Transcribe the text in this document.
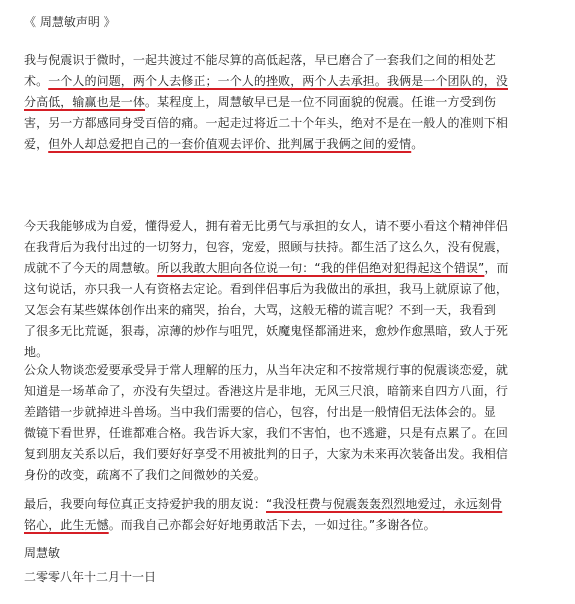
《 周慧敏声明 》
我与倪震识于微时，一起共渡过不能尽算的高低起落，早已磨合了一套我们之间的相处艺
术。一个人的问题，两个人去修正；一个人的挫败，两个人去承担。我俩是一个团队的，没
分高低，输赢也是一体。某程度上，周慧敏早已是一位不同面貌的倪震。任谁一方受到伤
害，另一方都感同身受百倍的痛。一起走过将近二十个年头，绝对不是在一般人的准则下相
爱，但外人却总爱把自己的一套价值观去评价、批判属于我俩之间的爱情。
今天我能够成为自爱，懂得爱人，拥有着无比勇气与承担的女人，请不要小看这个精神伴侣
在我背后为我付出过的一切努力，包容，宠爱，照顾与扶持。都生活了这么久，没有倪震，
成就不了今天的周慧敏。所以我敢大胆向各位说一句：“我的伴侣绝对犯得起这个错误”，而
这句说话，亦只我一人有资格去定论。看到伴侣事后为我做出的承担，我马上就原谅了他，
又怎会有某些媒体创作出来的痛哭，抬台，大骂，这般无稽的谎言呢？不到一天，我看到
了很多无比荒诞，狠毒，凉薄的炒作与咀咒，妖魔鬼怪都涌进来，愈炒作愈黑暗，致人于死
地。
公众人物谈恋爱要承受异于常人理解的压力，从当年决定和不按常规行事的倪震谈恋爱，就
知道是一场革命了，亦没有失望过。香港这片是非地，无风三尺浪，暗箭来自四方八面，行
差踏错一步就掉进斗兽场。当中我们需要的信心，包容，付出是一般情侣无法体会的。显
微镜下看世界，任谁都难合格。我告诉大家，我们不害怕，也不逃避，只是有点累了。在回
复到朋友关系以后，我们要好好享受不用被批判的日子，大家为未来再次装备出发。我相信
身份的改变，疏离不了我们之间微妙的关爱。
最后，我要向每位真正支持爱护我的朋友说：“我没枉费与倪震轰轰烈烈地爱过，永远刻骨
铭心，此生无憾。而我自己亦都会好好地勇敢活下去，一如过往。”多谢各位。
周慧敏
二零零八年十二月十一日
